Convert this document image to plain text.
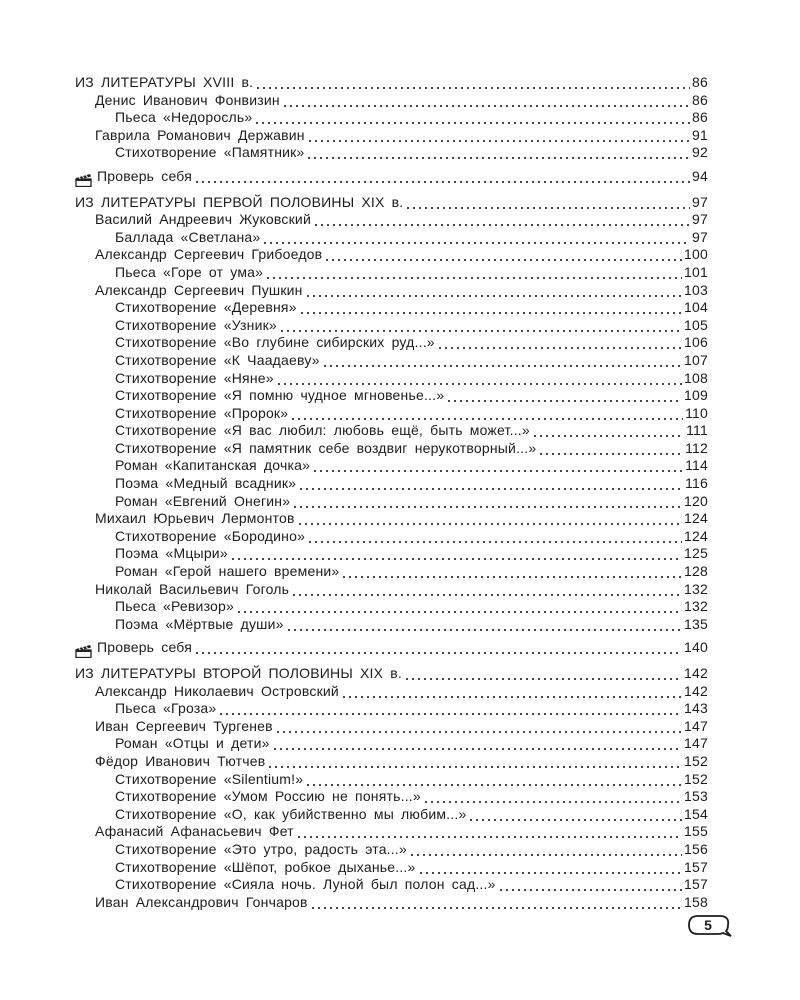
ИЗ ЛИТЕРАТУРЫ XVIII в.	86
Денис Иванович Фонвизин	86
Пьеса «Недоросль»	86
Гаврила Романович Державин	91
Стихотворение «Памятник»	92
Проверь себя	94
ИЗ ЛИТЕРАТУРЫ ПЕРВОЙ ПОЛОВИНЫ XIX в.	97
Василий Андреевич Жуковский	97
Баллада «Светлана»	97
Александр Сергеевич Грибоедов	100
Пьеса «Горе от ума»	101
Александр Сергеевич Пушкин	103
Стихотворение «Деревня»	104
Стихотворение «Узник»	105
Стихотворение «Во глубине сибирских руд...»	106
Стихотворение «К Чаадаеву»	107
Стихотворение «Няне»	108
Стихотворение «Я помню чудное мгновенье...»	109
Стихотворение «Пророк»	110
Стихотворение «Я вас любил: любовь ещё, быть может...»	111
Стихотворение «Я памятник себе воздвиг нерукотворный...»	112
Роман «Капитанская дочка»	114
Поэма «Медный всадник»	116
Роман «Евгений Онегин»	120
Михаил Юрьевич Лермонтов	124
Стихотворение «Бородино»	124
Поэма «Мцыри»	125
Роман «Герой нашего времени»	128
Николай Васильевич Гоголь	132
Пьеса «Ревизор»	132
Поэма «Мёртвые души»	135
Проверь себя	140
ИЗ ЛИТЕРАТУРЫ ВТОРОЙ ПОЛОВИНЫ XIX в.	142
Александр Николаевич Островский	142
Пьеса «Гроза»	143
Иван Сергеевич Тургенев	147
Роман «Отцы и дети»	147
Фёдор Иванович Тютчев	152
Стихотворение «Silentium!»	152
Стихотворение «Умом Россию не понять...»	153
Стихотворение «О, как убийственно мы любим...»	154
Афанасий Афанасьевич Фет	155
Стихотворение «Это утро, радость эта...»	156
Стихотворение «Шёпот, робкое дыханье...»	157
Стихотворение «Сияла ночь. Луной был полон сад...»	157
Иван Александрович Гончаров	158
5
